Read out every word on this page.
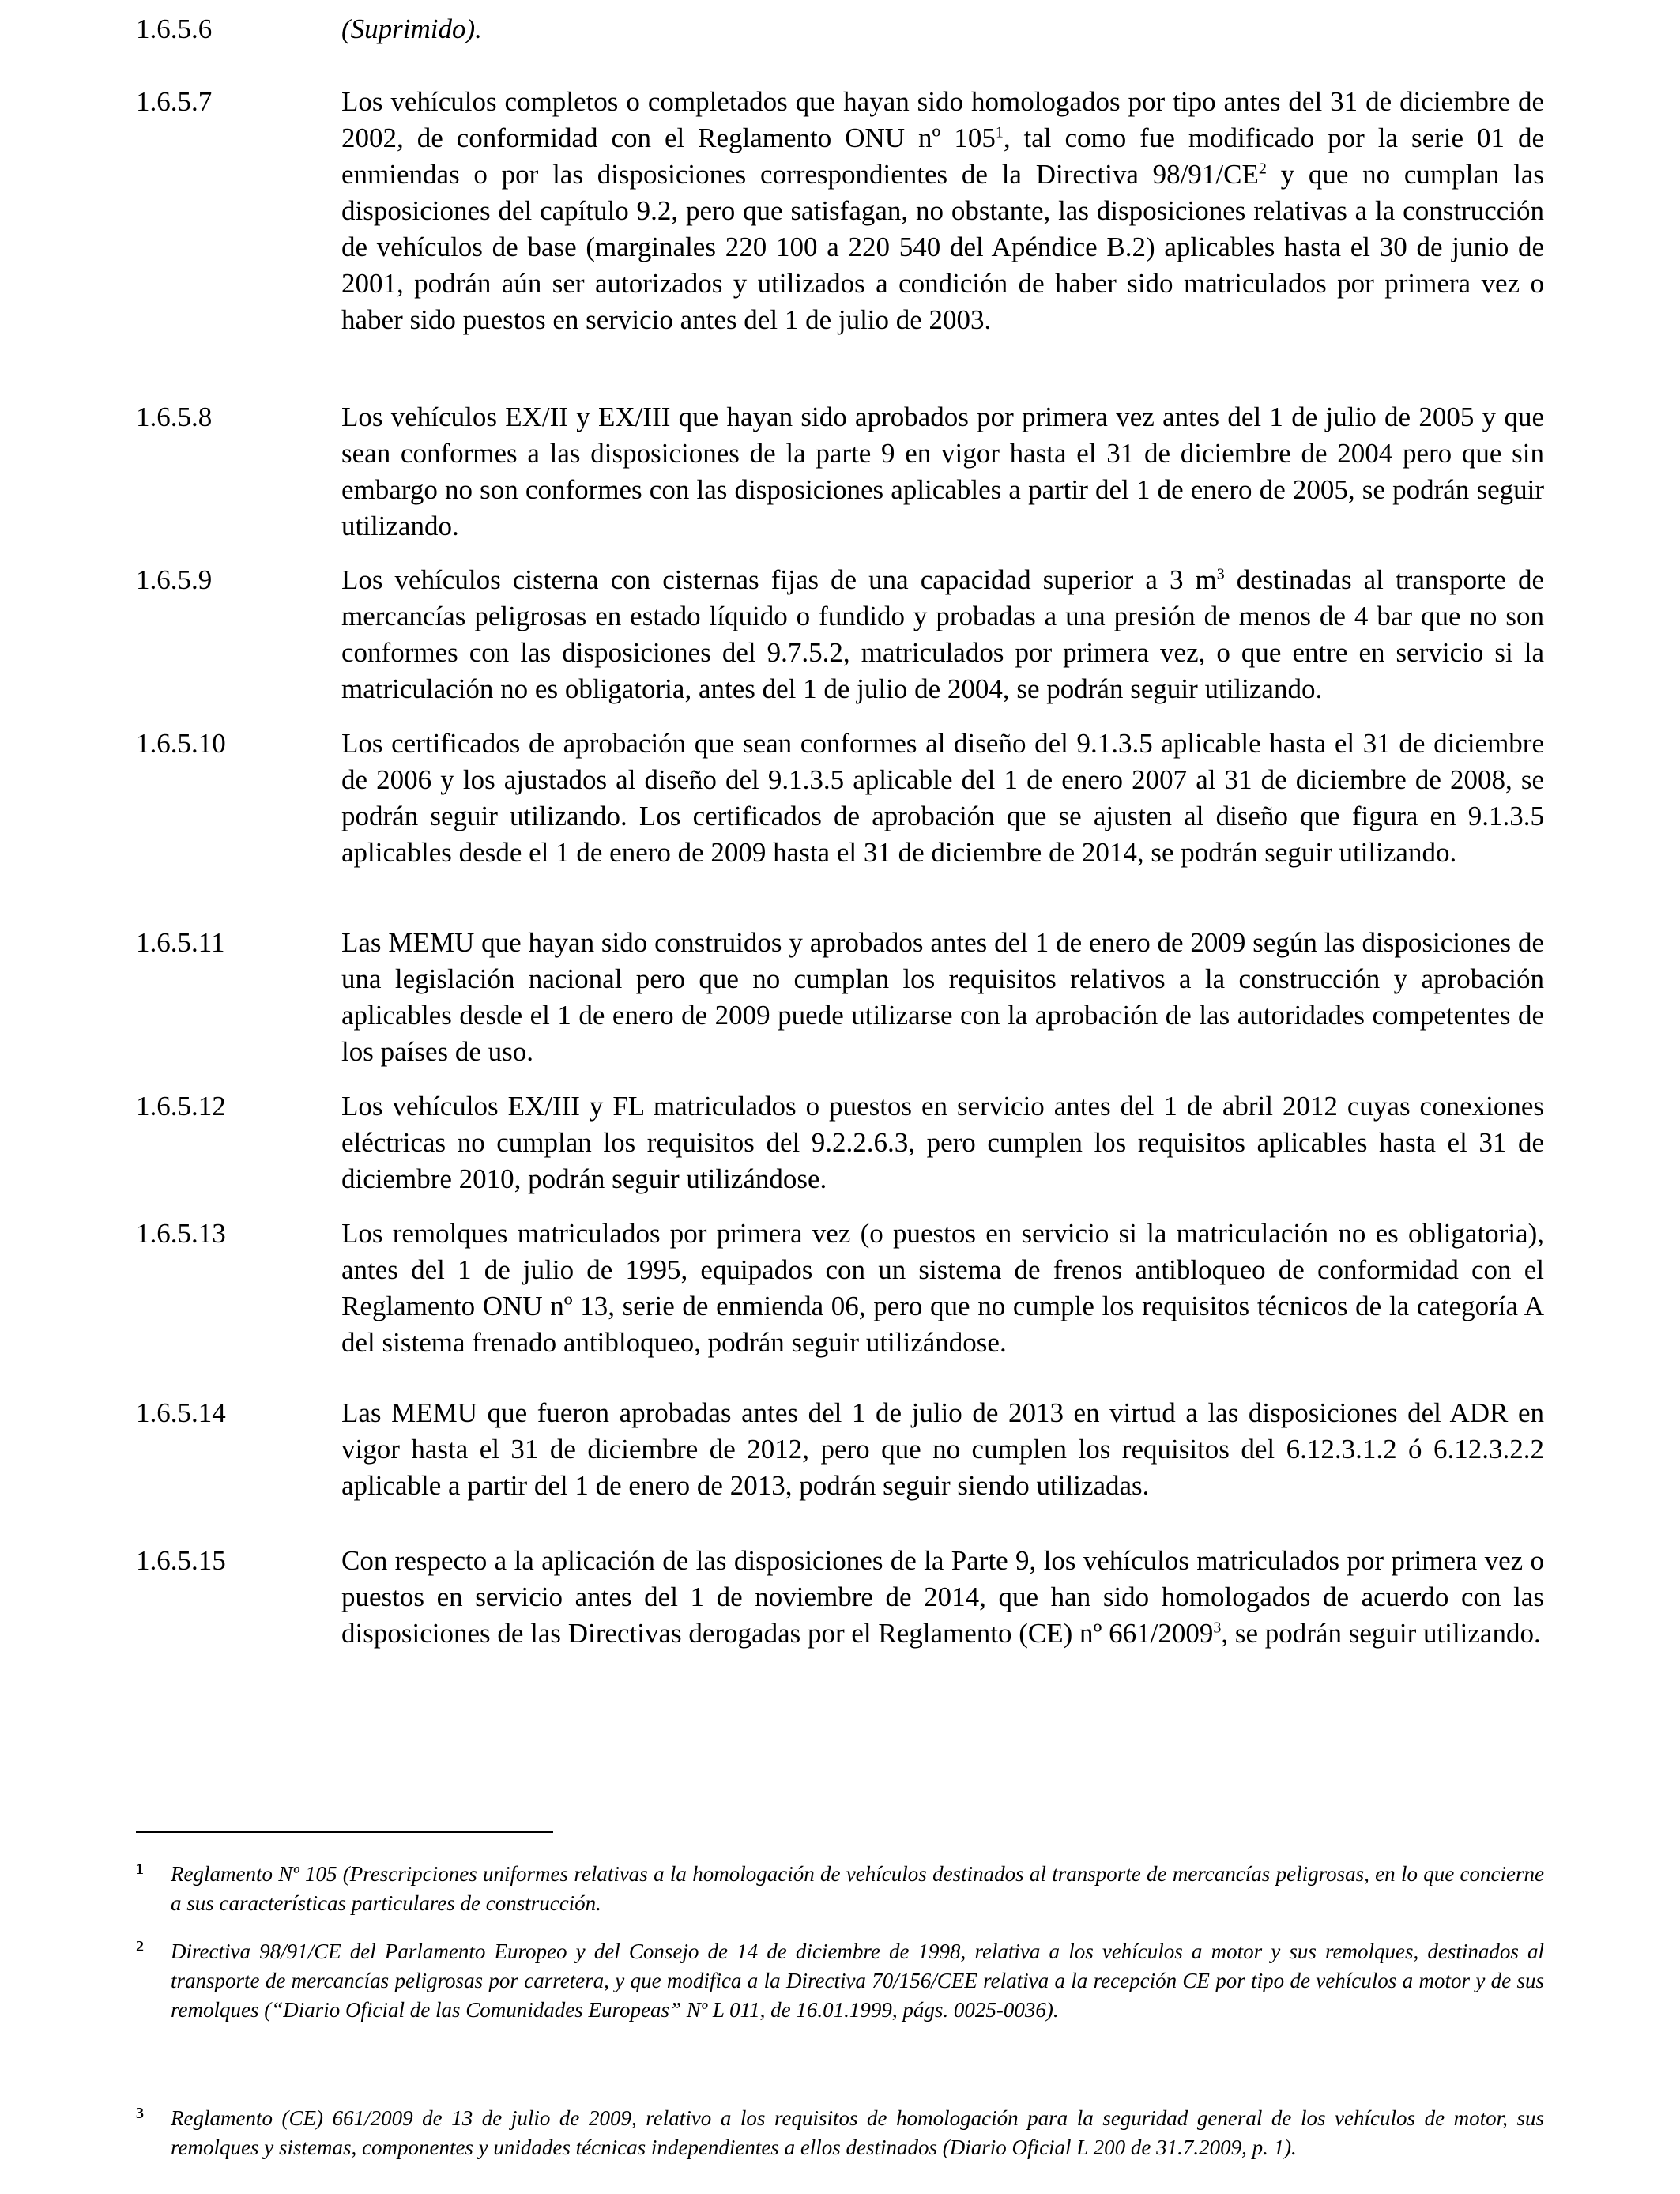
1.6.5.6	(Suprimido).
1.6.5.7	Los vehículos completos o completados que hayan sido homologados por tipo antes del 31 de diciembre de 2002, de conformidad con el Reglamento ONU nº $105^1$, tal como fue modificado por la serie 01 de enmiendas o por las disposiciones correspondientes de la Directiva $98/91/CE^2$ y que no cumplan las disposiciones del capítulo 9.2, pero que satisfagan, no obstante, las disposiciones relativas a la construcción de vehículos de base (marginales 220 100 a 220 540 del Apéndice B.2) aplicables hasta el 30 de junio de 2001, podrán aún ser autorizados y utilizados a condición de haber sido matriculados por primera vez o haber sido puestos en servicio antes del 1 de julio de 2003.
1.6.5.8	Los vehículos EX/II y EX/III que hayan sido aprobados por primera vez antes del 1 de julio de 2005 y que sean conformes a las disposiciones de la parte 9 en vigor hasta el 31 de diciembre de 2004 pero que sin embargo no son conformes con las disposiciones aplicables a partir del 1 de enero de 2005, se podrán seguir utilizando.
1.6.5.9	Los vehículos cisterna con cisternas fijas de una capacidad superior a 3 $m^3$ destinadas al transporte de mercancías peligrosas en estado líquido o fundido y probadas a una presión de menos de 4 bar que no son conformes con las disposiciones del 9.7.5.2, matriculados por primera vez, o que entre en servicio si la matriculación no es obligatoria, antes del 1 de julio de 2004, se podrán seguir utilizando.
1.6.5.10	Los certificados de aprobación que sean conformes al diseño del 9.1.3.5 aplicable hasta el 31 de diciembre de 2006 y los ajustados al diseño del 9.1.3.5 aplicable del 1 de enero 2007 al 31 de diciembre de 2008, se podrán seguir utilizando. Los certificados de aprobación que se ajusten al diseño que figura en 9.1.3.5 aplicables desde el 1 de enero de 2009 hasta el 31 de diciembre de 2014, se podrán seguir utilizando.
1.6.5.11	Las MEMU que hayan sido construidos y aprobados antes del 1 de enero de 2009 según las disposiciones de una legislación nacional pero que no cumplan los requisitos relativos a la construcción y aprobación aplicables desde el 1 de enero de 2009 puede utilizarse con la aprobación de las autoridades competentes de los países de uso.
1.6.5.12	Los vehículos EX/III y FL matriculados o puestos en servicio antes del 1 de abril 2012 cuyas conexiones eléctricas no cumplan los requisitos del 9.2.2.6.3, pero cumplen los requisitos aplicables hasta el 31 de diciembre 2010, podrán seguir utilizándose.
1.6.5.13	Los remolques matriculados por primera vez (o puestos en servicio si la matriculación no es obligatoria), antes del 1 de julio de 1995, equipados con un sistema de frenos antibloqueo de conformidad con el Reglamento ONU nº 13, serie de enmienda 06, pero que no cumple los requisitos técnicos de la categoría A del sistema frenado antibloqueo, podrán seguir utilizándose.
1.6.5.14	Las MEMU que fueron aprobadas antes del 1 de julio de 2013 en virtud a las disposiciones del ADR en vigor hasta el 31 de diciembre de 2012, pero que no cumplen los requisitos del 6.12.3.1.2 ó 6.12.3.2.2 aplicable a partir del 1 de enero de 2013, podrán seguir siendo utilizadas.
1.6.5.15	Con respecto a la aplicación de las disposiciones de la Parte 9, los vehículos matriculados por primera vez o puestos en servicio antes del 1 de noviembre de 2014, que han sido homologados de acuerdo con las disposiciones de las Directivas derogadas por el Reglamento (CE) nº 661/2009$^3$, se podrán seguir utilizando.
1	Reglamento Nº 105 (Prescripciones uniformes relativas a la homologación de vehículos destinados al transporte de mercancías peligrosas, en lo que concierne a sus características particulares de construcción.
2	Directiva 98/91/CE del Parlamento Europeo y del Consejo de 14 de diciembre de 1998, relativa a los vehículos a motor y sus remolques, destinados al transporte de mercancías peligrosas por carretera, y que modifica a la Directiva 70/156/CEE relativa a la recepción CE por tipo de vehículos a motor y de sus remolques (“Diario Oficial de las Comunidades Europeas” Nº L 011, de 16.01.1999, págs. 0025-0036).
3	Reglamento (CE) 661/2009 de 13 de julio de 2009, relativo a los requisitos de homologación para la seguridad general de los vehículos de motor, sus remolques y sistemas, componentes y unidades técnicas independientes a ellos destinados (Diario Oficial L 200 de 31.7.2009, p. 1).
